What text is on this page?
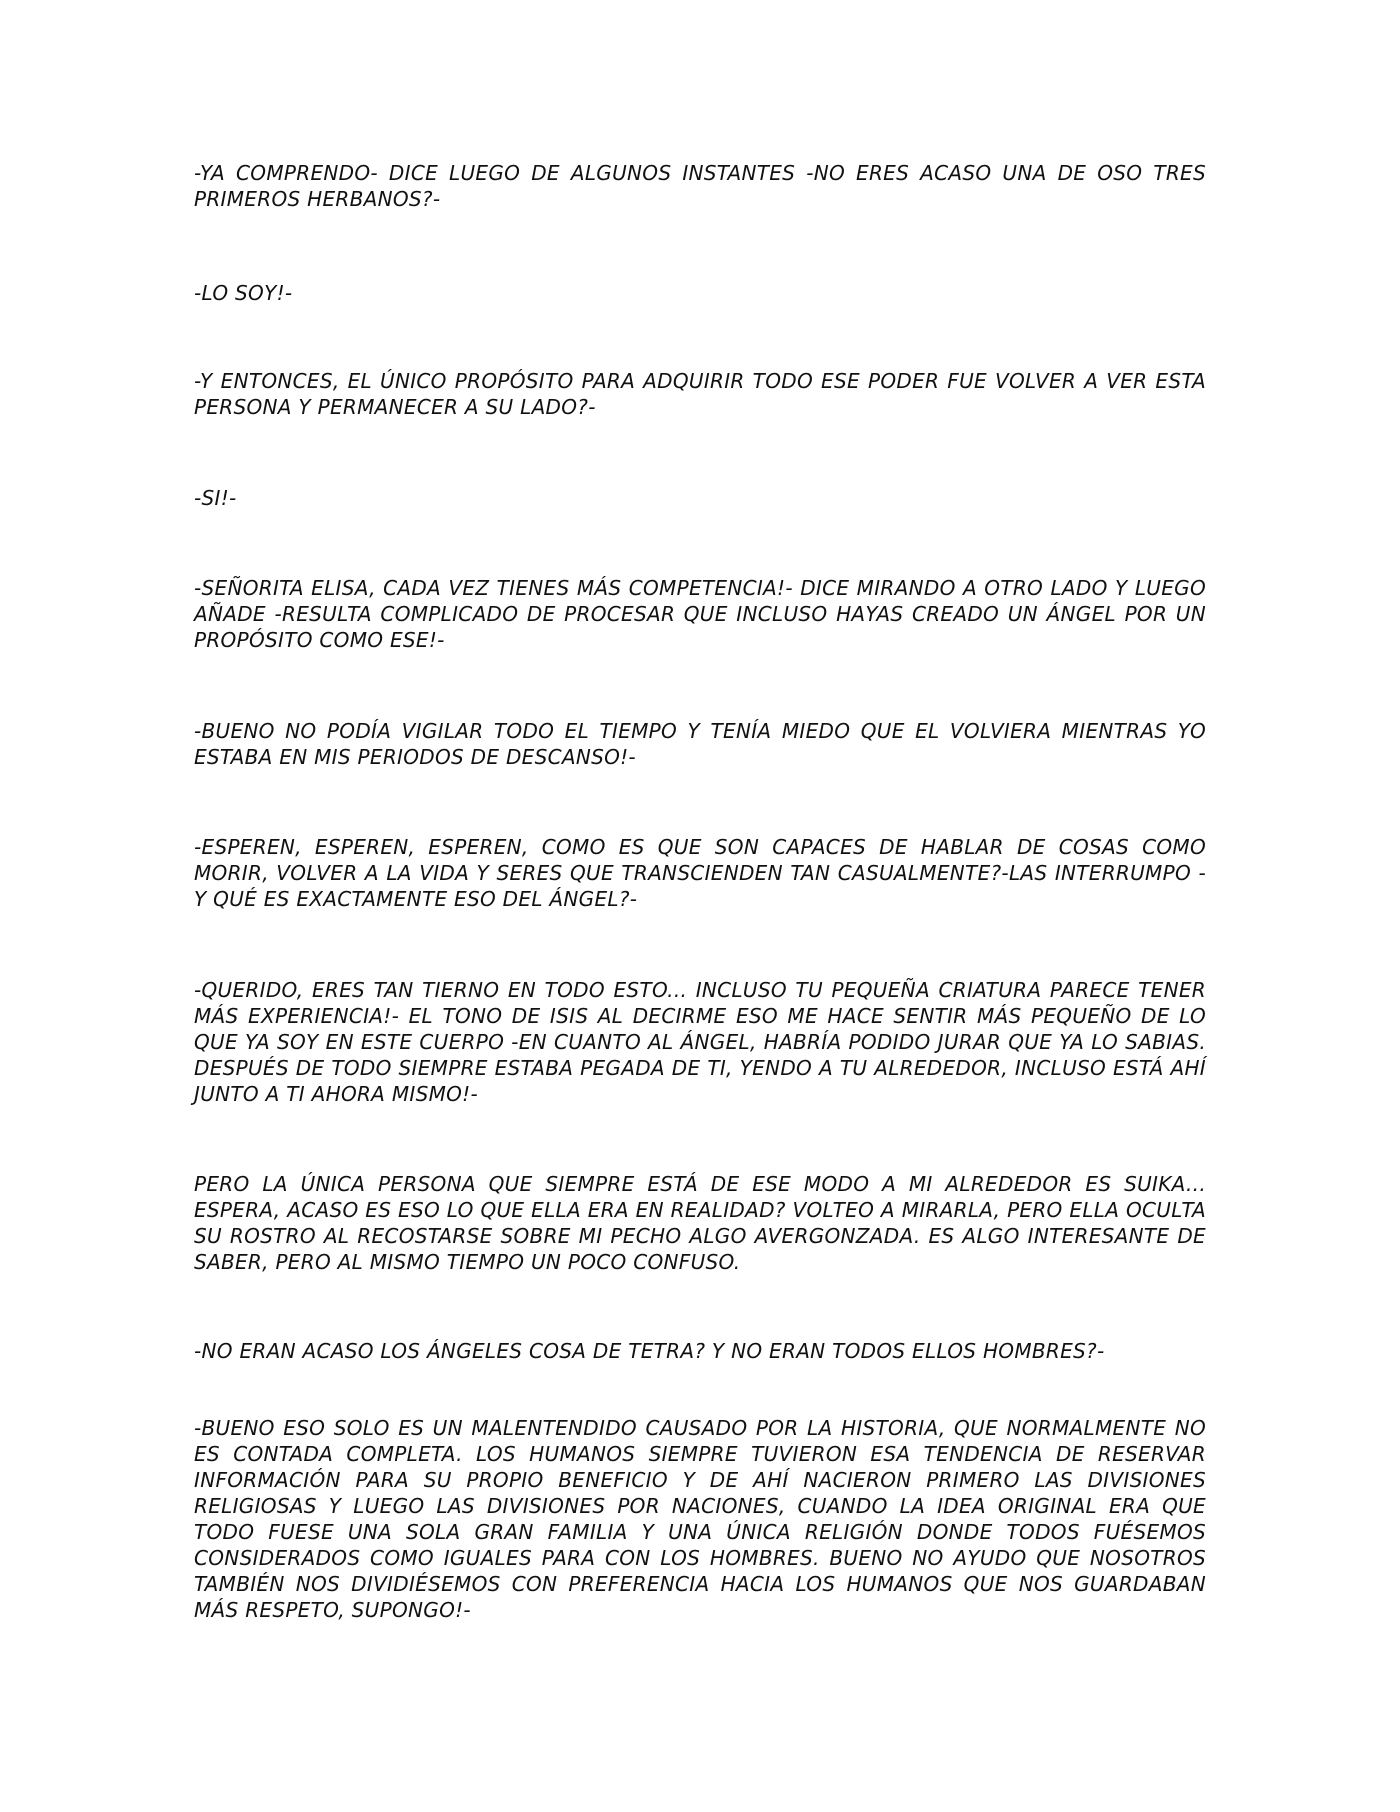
-YA COMPRENDO- DICE LUEGO DE ALGUNOS INSTANTES -NO ERES ACASO UNA DE OSO TRES PRIMEROS HERBANOS?-

-LO SOY!-

-Y ENTONCES, EL ÚNICO PROPÓSITO PARA ADQUIRIR TODO ESE PODER FUE VOLVER A VER ESTA PERSONA Y PERMANECER A SU LADO?-

-SI!-

-SEÑORITA ELISA, CADA VEZ TIENES MÁS COMPETENCIA!- DICE MIRANDO A OTRO LADO Y LUEGO AÑADE -RESULTA COMPLICADO DE PROCESAR QUE INCLUSO HAYAS CREADO UN ÁNGEL POR UN PROPÓSITO COMO ESE!-

-BUENO NO PODÍA VIGILAR TODO EL TIEMPO Y TENÍA MIEDO QUE EL VOLVIERA MIENTRAS YO ESTABA EN MIS PERIODOS DE DESCANSO!-

-ESPEREN, ESPEREN, ESPEREN, COMO ES QUE SON CAPACES DE HABLAR DE COSAS COMO MORIR, VOLVER A LA VIDA Y SERES QUE TRANSCIENDEN TAN CASUALMENTE?-LAS INTERRUMPO -Y QUÉ ES EXACTAMENTE ESO DEL ÁNGEL?-

-QUERIDO, ERES TAN TIERNO EN TODO ESTO... INCLUSO TU PEQUEÑA CRIATURA PARECE TENER MÁS EXPERIENCIA!- EL TONO DE ISIS AL DECIRME ESO ME HACE SENTIR MÁS PEQUEÑO DE LO QUE YA SOY EN ESTE CUERPO -EN CUANTO AL ÁNGEL, HABRÍA PODIDO JURAR QUE YA LO SABIAS. DESPUÉS DE TODO SIEMPRE ESTABA PEGADA DE TI, YENDO A TU ALREDEDOR, INCLUSO ESTÁ AHÍ JUNTO A TI AHORA MISMO!-

PERO LA ÚNICA PERSONA QUE SIEMPRE ESTÁ DE ESE MODO A MI ALREDEDOR ES SUIKA... ESPERA, ACASO ES ESO LO QUE ELLA ERA EN REALIDAD? VOLTEO A MIRARLA, PERO ELLA OCULTA SU ROSTRO AL RECOSTARSE SOBRE MI PECHO ALGO AVERGONZADA. ES ALGO INTERESANTE DE SABER, PERO AL MISMO TIEMPO UN POCO CONFUSO.

-NO ERAN ACASO LOS ÁNGELES COSA DE TETRA? Y NO ERAN TODOS ELLOS HOMBRES?-

-BUENO ESO SOLO ES UN MALENTENDIDO CAUSADO POR LA HISTORIA, QUE NORMALMENTE NO ES CONTADA COMPLETA. LOS HUMANOS SIEMPRE TUVIERON ESA TENDENCIA DE RESERVAR INFORMACIÓN PARA SU PROPIO BENEFICIO Y DE AHÍ NACIERON PRIMERO LAS DIVISIONES RELIGIOSAS Y LUEGO LAS DIVISIONES POR NACIONES, CUANDO LA IDEA ORIGINAL ERA QUE TODO FUESE UNA SOLA GRAN FAMILIA Y UNA ÚNICA RELIGIÓN DONDE TODOS FUÉSEMOS CONSIDERADOS COMO IGUALES PARA CON LOS HOMBRES. BUENO NO AYUDO QUE NOSOTROS TAMBIÉN NOS DIVIDIÉSEMOS CON PREFERENCIA HACIA LOS HUMANOS QUE NOS GUARDABAN MÁS RESPETO, SUPONGO!-
